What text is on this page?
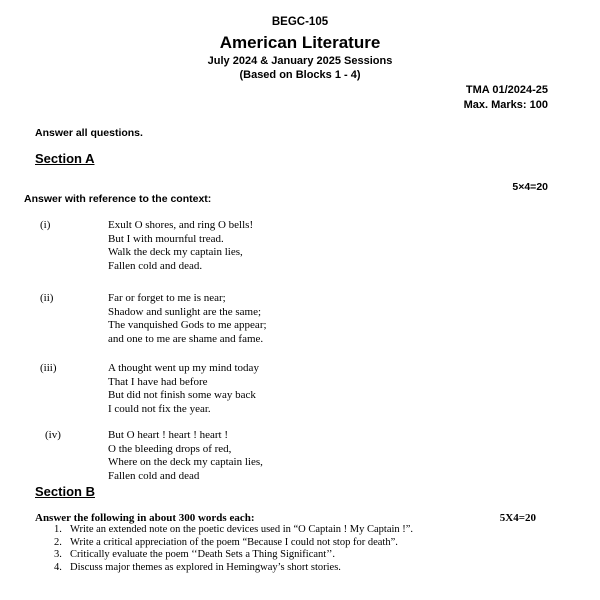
BEGC-105
American Literature
July 2024 & January 2025 Sessions
(Based on Blocks 1 - 4)
TMA 01/2024-25
Max. Marks: 100
Answer all questions.
Section A
5×4=20
Answer with reference to the context:
(i)	Exult O shores, and ring O bells!
But I with mournful tread.
Walk the deck my captain lies,
Fallen cold and dead.
(ii)	Far or forget to me is near;
Shadow and sunlight are the same;
The vanquished Gods to me appear;
and one to me are shame and fame.
(iii)	A thought went up my mind today
That I have had before
But did not finish some way back
I could not fix the year.
(iv)	But O heart ! heart ! heart !
O the bleeding drops of red,
Where on the deck my captain lies,
Fallen cold and dead
Section B
Answer the following in about 300 words each:	5X4=20
1. Write an extended note on the poetic devices used in “O Captain ! My Captain !”.
2. Write a critical appreciation of the poem “Because I could not stop for death”.
3. Critically evaluate the poem ‘‘Death Sets a Thing Significant’’.
4. Discuss major themes as explored in Hemingway’s short stories.
